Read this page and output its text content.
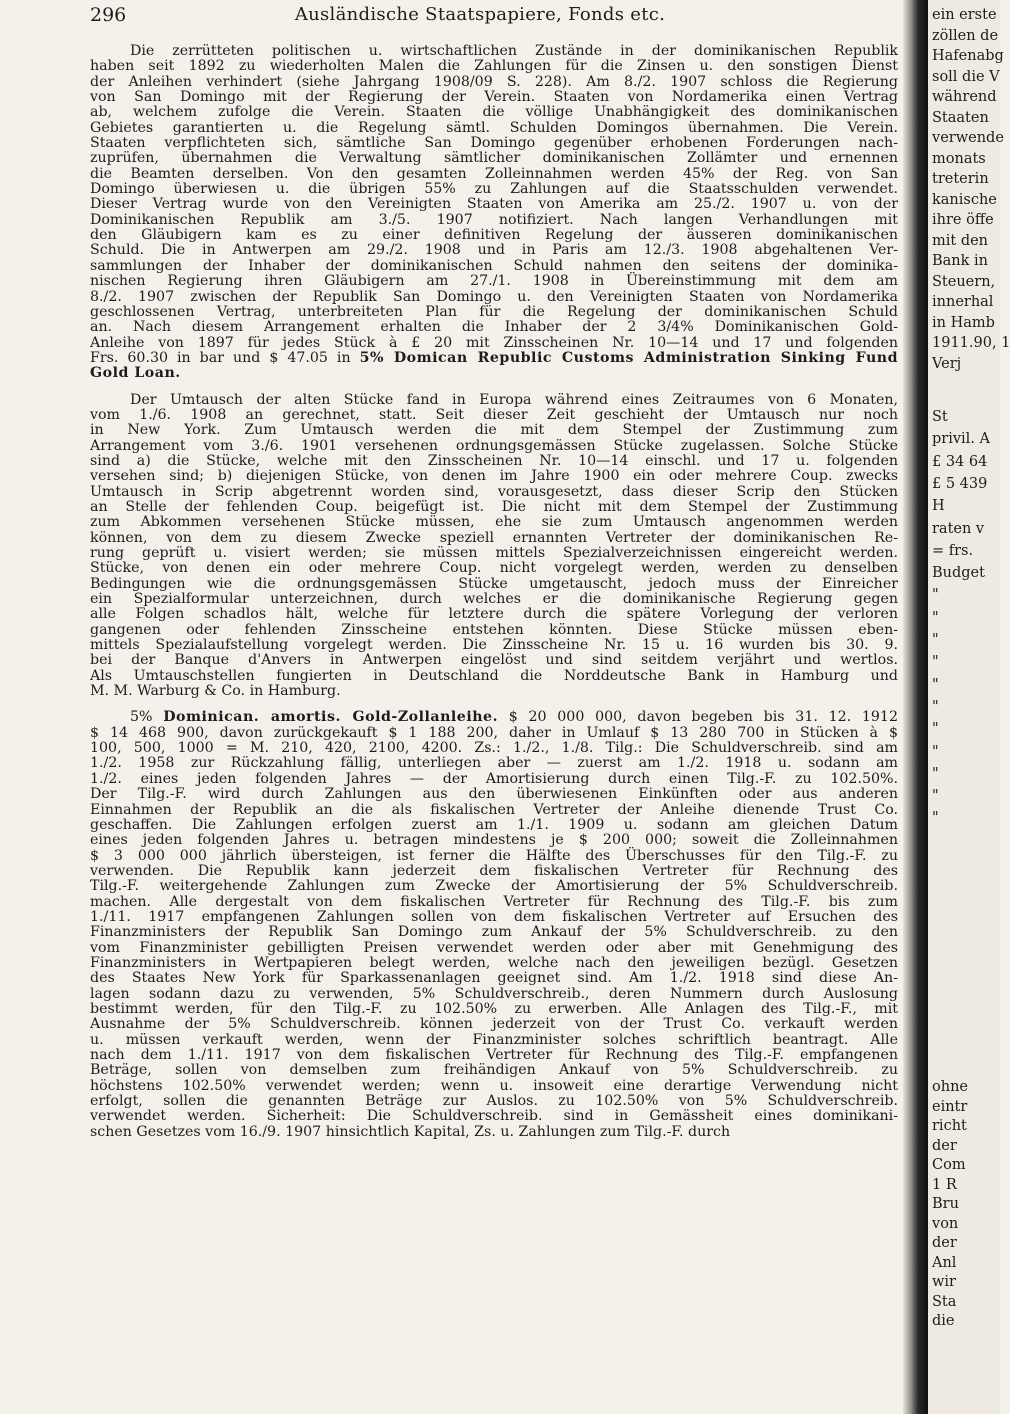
296	Ausländische Staatspapiere, Fonds etc.
Die zerrütteten politischen u. wirtschaftlichen Zustände in der dominikanischen Republik
haben seit 1892 zu wiederholten Malen die Zahlungen für die Zinsen u. den sonstigen Dienst
der Anleihen verhindert (siehe Jahrgang 1908/09 S. 228). Am 8./2. 1907 schloss die Regierung
von San Domingo mit der Regierung der Verein. Staaten von Nordamerika einen Vertrag
ab, welchem zufolge die Verein. Staaten die völlige Unabhängigkeit des dominikanischen
Gebietes garantierten u. die Regelung sämtl. Schulden Domingos übernahmen. Die Verein.
Staaten verpflichteten sich, sämtliche San Domingo gegenüber erhobenen Forderungen nach-
zuprüfen, übernahmen die Verwaltung sämtlicher dominikanischen Zollämter und ernennen
die Beamten derselben. Von den gesamten Zolleinnahmen werden 45% der Reg. von San
Domingo überwiesen u. die übrigen 55% zu Zahlungen auf die Staatsschulden verwendet.
Dieser Vertrag wurde von den Vereinigten Staaten von Amerika am 25./2. 1907 u. von der
Dominikanischen Republik am 3./5. 1907 notifiziert. Nach langen Verhandlungen mit
den Gläubigern kam es zu einer definitiven Regelung der äusseren dominikanischen
Schuld. Die in Antwerpen am 29./2. 1908 und in Paris am 12./3. 1908 abgehaltenen Ver-
sammlungen der Inhaber der dominikanischen Schuld nahmen den seitens der dominika-
nischen Regierung ihren Gläubigern am 27./1. 1908 in Übereinstimmung mit dem am
8./2. 1907 zwischen der Republik San Domingo u. den Vereinigten Staaten von Nordamerika
geschlossenen Vertrag, unterbreiteten Plan für die Regelung der dominikanischen Schuld
an. Nach diesem Arrangement erhalten die Inhaber der 2 3/4% Dominikanischen Gold-
Anleihe von 1897 für jedes Stück à £ 20 mit Zinsscheinen Nr. 10—14 und 17 und folgenden
Frs. 60.30 in bar und $ 47.05 in 5% Domican Republic Customs Administration Sinking Fund
Gold Loan.
Der Umtausch der alten Stücke fand in Europa während eines Zeitraumes von 6 Monaten,
vom 1./6. 1908 an gerechnet, statt. Seit dieser Zeit geschieht der Umtausch nur noch
in New York. Zum Umtausch werden die mit dem Stempel der Zustimmung zum
Arrangement vom 3./6. 1901 versehenen ordnungsgemässen Stücke zugelassen. Solche Stücke
sind a) die Stücke, welche mit den Zinsscheinen Nr. 10—14 einschl. und 17 u. folgenden
versehen sind; b) diejenigen Stücke, von denen im Jahre 1900 ein oder mehrere Coup. zwecks
Umtausch in Scrip abgetrennt worden sind, vorausgesetzt, dass dieser Scrip den Stücken
an Stelle der fehlenden Coup. beigefügt ist. Die nicht mit dem Stempel der Zustimmung
zum Abkommen versehenen Stücke müssen, ehe sie zum Umtausch angenommen werden
können, von dem zu diesem Zwecke speziell ernannten Vertreter der dominikanischen Re-
rung geprüft u. visiert werden; sie müssen mittels Spezialverzeichnissen eingereicht werden.
Stücke, von denen ein oder mehrere Coup. nicht vorgelegt werden, werden zu denselben
Bedingungen wie die ordnungsgemässen Stücke umgetauscht, jedoch muss der Einreicher
ein Spezialformular unterzeichnen, durch welches er die dominikanische Regierung gegen
alle Folgen schadlos hält, welche für letztere durch die spätere Vorlegung der verloren
gangenen oder fehlenden Zinsscheine entstehen könnten. Diese Stücke müssen eben-
mittels Spezialaufstellung vorgelegt werden. Die Zinsscheine Nr. 15 u. 16 wurden bis 30. 9.
bei der Banque d'Anvers in Antwerpen eingelöst und sind seitdem verjährt und wertlos.
Als Umtauschstellen fungierten in Deutschland die Norddeutsche Bank in Hamburg und
M. M. Warburg & Co. in Hamburg.
5% Dominican. amortis. Gold-Zollanleihe. $ 20 000 000, davon begeben bis 31. 12. 1912
$ 14 468 900, davon zurückgekauft $ 1 188 200, daher in Umlauf $ 13 280 700 in Stücken à $
100, 500, 1000 = M. 210, 420, 2100, 4200. Zs.: 1./2., 1./8. Tilg.: Die Schuldverschreib. sind am
1./2. 1958 zur Rückzahlung fällig, unterliegen aber — zuerst am 1./2. 1918 u. sodann am
1./2. eines jeden folgenden Jahres — der Amortisierung durch einen Tilg.-F. zu 102.50%.
Der Tilg.-F. wird durch Zahlungen aus den überwiesenen Einkünften oder aus anderen
Einnahmen der Republik an die als fiskalischen Vertreter der Anleihe dienende Trust Co.
geschaffen. Die Zahlungen erfolgen zuerst am 1./1. 1909 u. sodann am gleichen Datum
eines jeden folgenden Jahres u. betragen mindestens je $ 200 000; soweit die Zolleinnahmen
$ 3 000 000 jährlich übersteigen, ist ferner die Hälfte des Überschusses für den Tilg.-F. zu
verwenden. Die Republik kann jederzeit dem fiskalischen Vertreter für Rechnung des
Tilg.-F. weitergehende Zahlungen zum Zwecke der Amortisierung der 5% Schuldverschreib.
machen. Alle dergestalt von dem fiskalischen Vertreter für Rechnung des Tilg.-F. bis zum
1./11. 1917 empfangenen Zahlungen sollen von dem fiskalischen Vertreter auf Ersuchen des
Finanzministers der Republik San Domingo zum Ankauf der 5% Schuldverschreib. zu den
vom Finanzminister gebilligten Preisen verwendet werden oder aber mit Genehmigung des
Finanzministers in Wertpapieren belegt werden, welche nach den jeweiligen bezügl. Gesetzen
des Staates New York für Sparkassenanlagen geeignet sind. Am 1./2. 1918 sind diese An-
lagen sodann dazu zu verwenden, 5% Schuldverschreib., deren Nummern durch Auslosung
bestimmt werden, für den Tilg.-F. zu 102.50% zu erwerben. Alle Anlagen des Tilg.-F., mit
Ausnahme der 5% Schuldverschreib. können jederzeit von der Trust Co. verkauft werden
u. müssen verkauft werden, wenn der Finanzminister solches schriftlich beantragt. Alle
nach dem 1./11. 1917 von dem fiskalischen Vertreter für Rechnung des Tilg.-F. empfangenen
Beträge, sollen von demselben zum freihändigen Ankauf von 5% Schuldverschreib. zu
höchstens 102.50% verwendet werden; wenn u. insoweit eine derartige Verwendung nicht
erfolgt, sollen die genannten Beträge zur Auslos. zu 102.50% von 5% Schuldverschreib.
verwendet werden. Sicherheit: Die Schuldverschreib. sind in Gemässheit eines dominikani-
schen Gesetzes vom 16./9. 1907 hinsichtlich Kapital, Zs. u. Zahlungen zum Tilg.-F. durch
ein erste
zöllen de
Hafenabg
soll die V
während
Staaten
verwende
monats
treterin
kanische
ihre öffe
mit den
Bank in
Steuern,
innerhal
in Hamb
1911.90, 1
Verj
St
privil. A
£ 34 64
£ 5 439
H
raten v
= frs.
Budget
"
"
"
"
"
"
"
"
"
"
"
ohne
eintr
richt
der
Com
1 R
Bru
von
der
Anl
wir
Sta
die
